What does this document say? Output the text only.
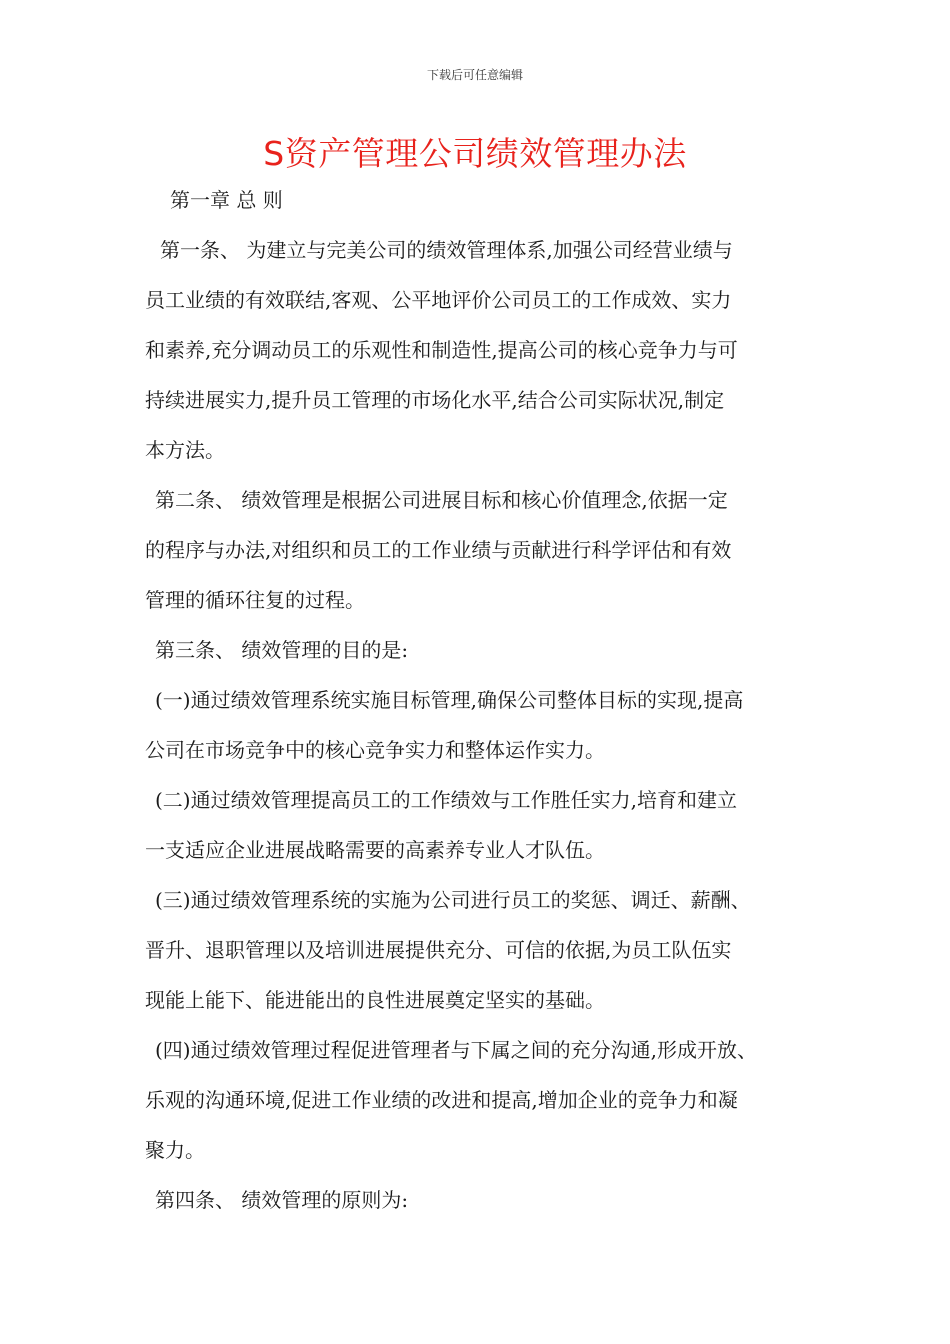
下载后可任意编辑
S资产管理公司绩效管理办法
第一章 总 则
第一条、 为建立与完美公司的绩效管理体系,加强公司经营业绩与
员工业绩的有效联结,客观、公平地评价公司员工的工作成效、实力
和素养,充分调动员工的乐观性和制造性,提高公司的核心竞争力与可
持续进展实力,提升员工管理的市场化水平,结合公司实际状况,制定
本方法。
第二条、 绩效管理是根据公司进展目标和核心价值理念,依据一定
的程序与办法,对组织和员工的工作业绩与贡献进行科学评估和有效
管理的循环往复的过程。
第三条、 绩效管理的目的是:
(一)通过绩效管理系统实施目标管理,确保公司整体目标的实现,提高
公司在市场竞争中的核心竞争实力和整体运作实力。
(二)通过绩效管理提高员工的工作绩效与工作胜任实力,培育和建立
一支适应企业进展战略需要的高素养专业人才队伍。
(三)通过绩效管理系统的实施为公司进行员工的奖惩、调迁、薪酬、
晋升、退职管理以及培训进展提供充分、可信的依据,为员工队伍实
现能上能下、能进能出的良性进展奠定坚实的基础。
(四)通过绩效管理过程促进管理者与下属之间的充分沟通,形成开放、
乐观的沟通环境,促进工作业绩的改进和提高,增加企业的竞争力和凝
聚力。
第四条、 绩效管理的原则为:
